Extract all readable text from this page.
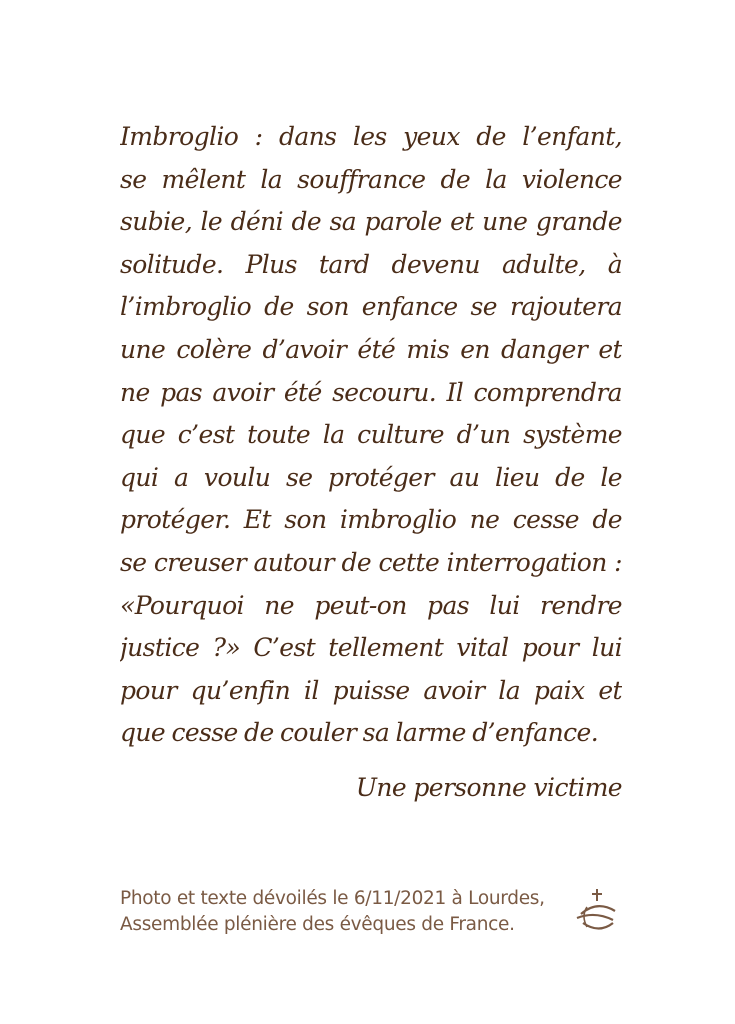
Imbroglio : dans les yeux de l’enfant,
se mêlent la souffrance de la violence
subie, le déni de sa parole et une grande
solitude. Plus tard devenu adulte, à
l’imbroglio de son enfance se rajoutera
une colère d’avoir été mis en danger et
ne pas avoir été secouru. Il comprendra
que c’est toute la culture d’un système
qui a voulu se protéger au lieu de le
protéger. Et son imbroglio ne cesse de
se creuser autour de cette interrogation :
«Pourquoi ne peut-on pas lui rendre
justice ?» C’est tellement vital pour lui
pour qu’enfin il puisse avoir la paix et
que cesse de couler sa larme d’enfance.
Une personne victime
Photo et texte dévoilés le 6/11/2021 à Lourdes,
Assemblée plénière des évêques de France.
